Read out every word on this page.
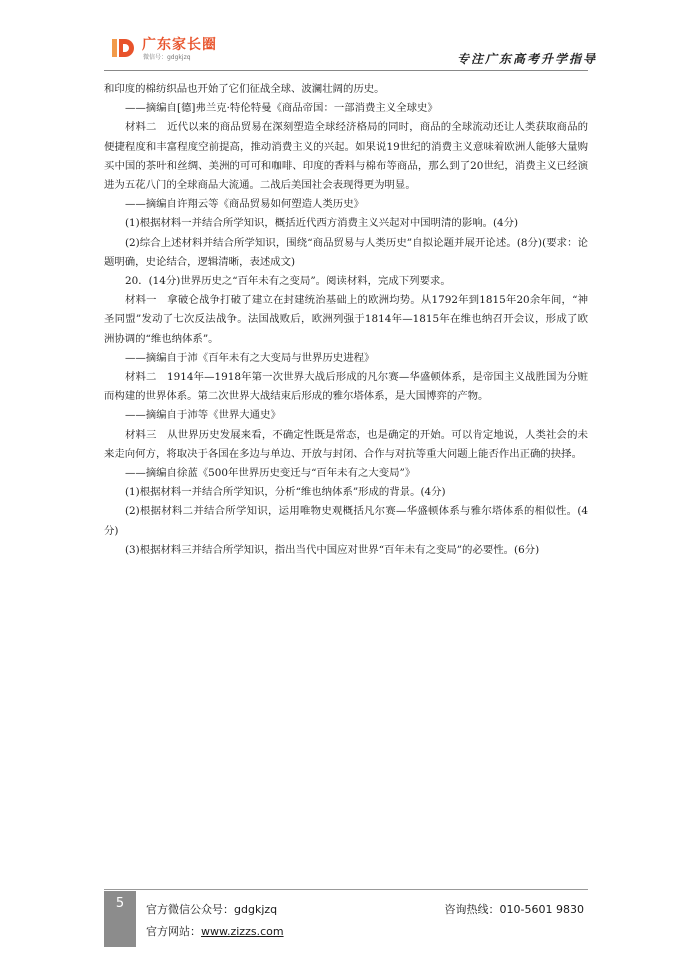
广东家长圈
微信号：gdgkjzq	专注广东高考升学指导

和印度的棉纺织品也开始了它们征战全球、波澜壮阔的历史。

——摘编自[德]弗兰克·特伦特曼《商品帝国：一部消费主义全球史》

材料二　近代以来的商品贸易在深刻塑造全球经济格局的同时，商品的全球流动还让人类获取商品的便捷程度和丰富程度空前提高，推动消费主义的兴起。如果说19世纪的消费主义意味着欧洲人能够大量购买中国的茶叶和丝绸、美洲的可可和咖啡、印度的香料与棉布等商品，那么到了20世纪，消费主义已经演进为五花八门的全球商品大流通。二战后美国社会表现得更为明显。

——摘编自许翔云等《商品贸易如何塑造人类历史》

(1)根据材料一并结合所学知识，概括近代西方消费主义兴起对中国明清的影响。(4分)

(2)综合上述材料并结合所学知识，围绕“商品贸易与人类历史”自拟论题并展开论述。(8分)(要求：论题明确，史论结合，逻辑清晰，表述成文)

20．(14分)世界历史之“百年未有之变局”。阅读材料，完成下列要求。

材料一　拿破仑战争打破了建立在封建统治基础上的欧洲均势。从1792年到1815年20余年间，“神圣同盟”发动了七次反法战争。法国战败后，欧洲列强于1814年—1815年在维也纳召开会议，形成了欧洲协调的“维也纳体系”。

——摘编自于沛《百年未有之大变局与世界历史进程》

材料二　1914年—1918年第一次世界大战后形成的凡尔赛—华盛顿体系，是帝国主义战胜国为分赃而构建的世界体系。第二次世界大战结束后形成的雅尔塔体系，是大国博弈的产物。

——摘编自于沛等《世界大通史》

材料三　从世界历史发展来看，不确定性既是常态，也是确定的开始。可以肯定地说，人类社会的未来走向何方，将取决于各国在多边与单边、开放与封闭、合作与对抗等重大问题上能否作出正确的抉择。

——摘编自徐蓝《500年世界历史变迁与“百年未有之大变局”》

(1)根据材料一并结合所学知识，分析“维也纳体系”形成的背景。(4分)

(2)根据材料二并结合所学知识，运用唯物史观概括凡尔赛—华盛顿体系与雅尔塔体系的相似性。(4分)

(3)根据材料三并结合所学知识，指出当代中国应对世界“百年未有之变局”的必要性。(6分)

5	官方微信公众号：gdgkjzq
官方网站：www.zizzs.com
咨询热线：010-5601 9830
